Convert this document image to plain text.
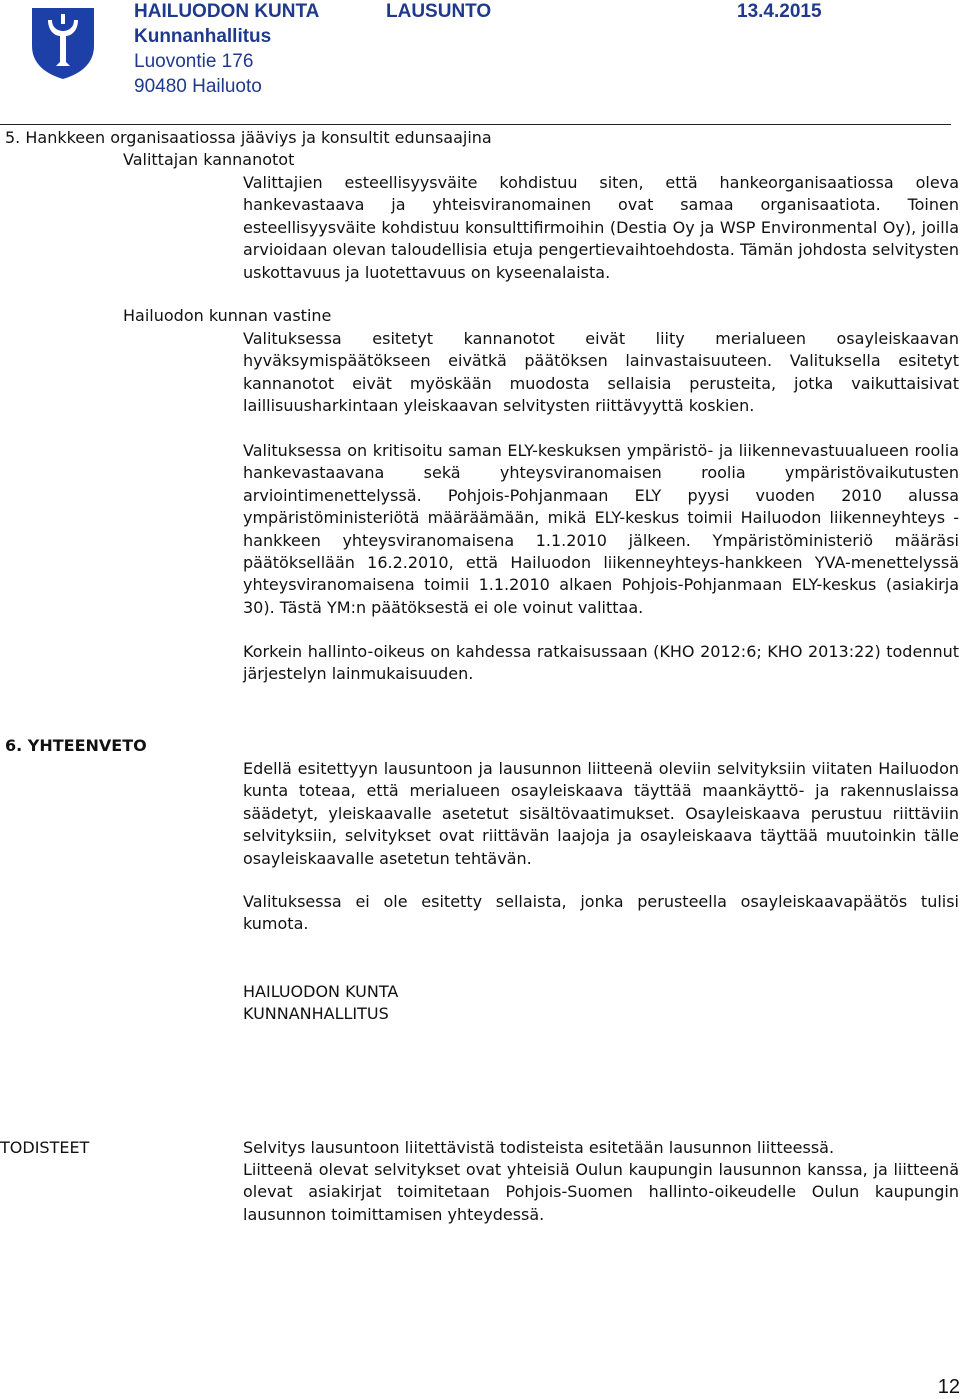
HAILUODON KUNTA	LAUSUNTO	13.4.2015
Kunnanhallitus
Luovontie 176
90480 Hailuoto
5. Hankkeen organisaatiossa jääviys ja konsultit edunsaajina
Valittajan kannanotot
Valittajien esteellisyysväite kohdistuu siten, että hankeorganisaatiossa oleva hankevastaava ja yhteisviranomainen ovat samaa organisaatiota. Toinen esteellisyysväite kohdistuu konsulttifirmoihin (Destia Oy ja WSP Environmental Oy), joilla arvioidaan olevan taloudellisia etuja pengertievaihtoehdosta. Tämän johdosta selvitysten uskottavuus ja luotettavuus on kyseenalaista.
Hailuodon kunnan vastine
Valituksessa esitetyt kannanotot eivät liity merialueen osayleiskaavan hyväksymispäätökseen eivätkä päätöksen lainvastaisuuteen. Valituksella esitetyt kannanotot eivät myöskään muodosta sellaisia perusteita, jotka vaikuttaisivat laillisuusharkintaan yleiskaavan selvitysten riittävyyttä koskien.
Valituksessa on kritisoitu saman ELY-keskuksen ympäristö- ja liikennevastuualueen roolia hankevastaavana sekä yhteysviranomaisen roolia ympäristövaikutusten arviointimenettelyssä. Pohjois-Pohjanmaan ELY pyysi vuoden 2010 alussa ympäristöministeriötä määräämään, mikä ELY-keskus toimii Hailuodon liikenneyhteys -hankkeen yhteysviranomaisena 1.1.2010 jälkeen. Ympäristöministeriö määräsi päätöksellään 16.2.2010, että Hailuodon liikenneyhteys-hankkeen YVA-menettelyssä yhteysviranomaisena toimii 1.1.2010 alkaen Pohjois-Pohjanmaan ELY-keskus (asiakirja 30). Tästä YM:n päätöksestä ei ole voinut valittaa.
Korkein hallinto-oikeus on kahdessa ratkaisussaan (KHO 2012:6; KHO 2013:22) todennut järjestelyn lainmukaisuuden.
6. YHTEENVETO
Edellä esitettyyn lausuntoon ja lausunnon liitteenä oleviin selvityksiin viitaten Hailuodon kunta toteaa, että merialueen osayleiskaava täyttää maankäyttö- ja rakennuslaissa säädetyt, yleiskaavalle asetetut sisältövaatimukset. Osayleiskaava perustuu riittäviin selvityksiin, selvitykset ovat riittävän laajoja ja osayleiskaava täyttää muutoinkin tälle osayleiskaavalle asetetun tehtävän.
Valituksessa ei ole esitetty sellaista, jonka perusteella osayleiskaavapäätös tulisi kumota.
HAILUODON KUNTA
KUNNANHALLITUS
TODISTEET	Selvitys lausuntoon liitettävistä todisteista esitetään lausunnon liitteessä.
Liitteenä olevat selvitykset ovat yhteisiä Oulun kaupungin lausunnon kanssa, ja liitteenä olevat asiakirjat toimitetaan Pohjois-Suomen hallinto-oikeudelle Oulun kaupungin lausunnon toimittamisen yhteydessä.
12
